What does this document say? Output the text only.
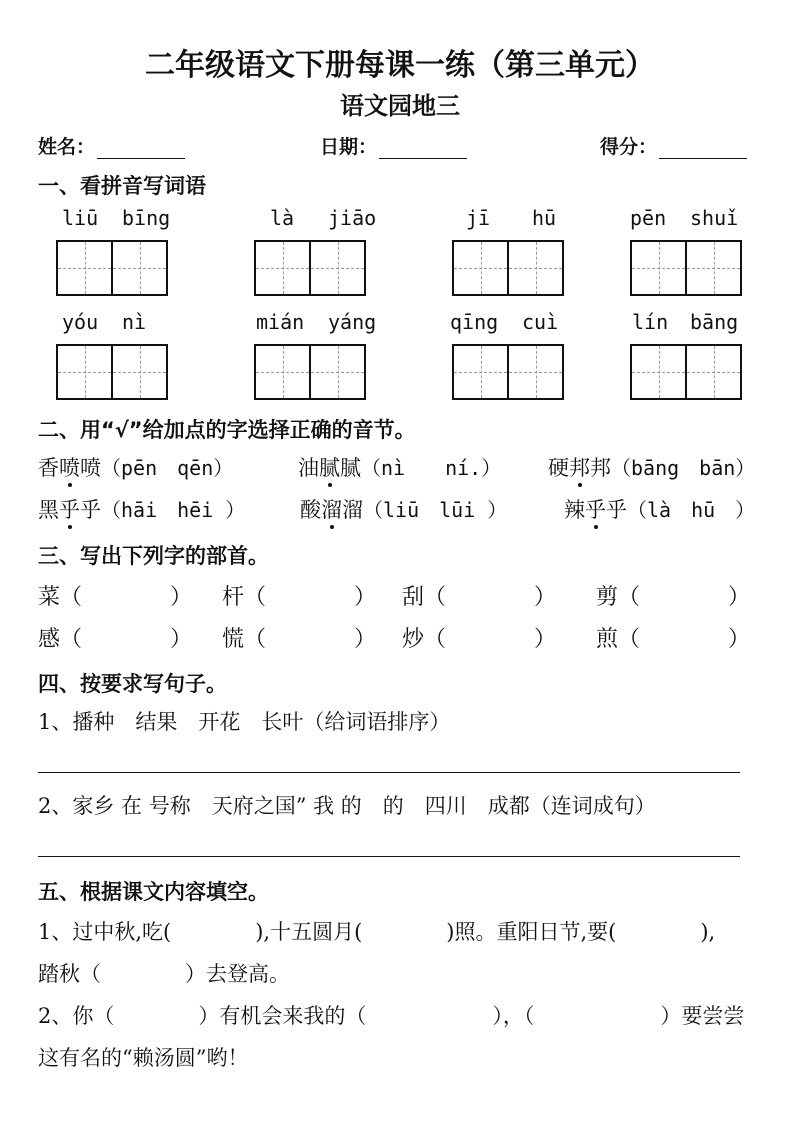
二年级语文下册每课一练（第三单元）
语文园地三
姓名：	日期：	得分：
一、看拼音写词语
liū bīng	là jiāo	jī hū	pēn shuǐ
yóu nì	mián yáng	qīng cuì	lín bāng
二、用“√”给加点的字选择正确的音节。
香喷喷（pēn　qēn）	油腻腻（nì　　ní.） 硬邦邦（bāng　bān）
黑乎乎（hāi　hēi ）	酸溜溜（liū　lūi ）	辣乎乎（là　hū　）
三、写出下列字的部首。
菜（　　　　） 杆（　　　　） 刮（　　　　） 剪（　　　　）
感（　　　　） 慌（　　　　） 炒（　　　　） 煎（　　　　）
四、按要求写句子。
1、播种　结果　开花　长叶（给词语排序）
2、家乡 在 号称　天府之国” 我 的　的　四川　成都（连词成句）
五、根据课文内容填空。
1、过中秋,吃(　　　　),十五圆月(　　　　)照。重阳日节,要(　　　　),
踏秋（　　　　）去登高。
2、你（　　　　）有机会来我的（　　　　　　），（　　　　　　）要尝尝
这有名的“赖汤圆”哟！
